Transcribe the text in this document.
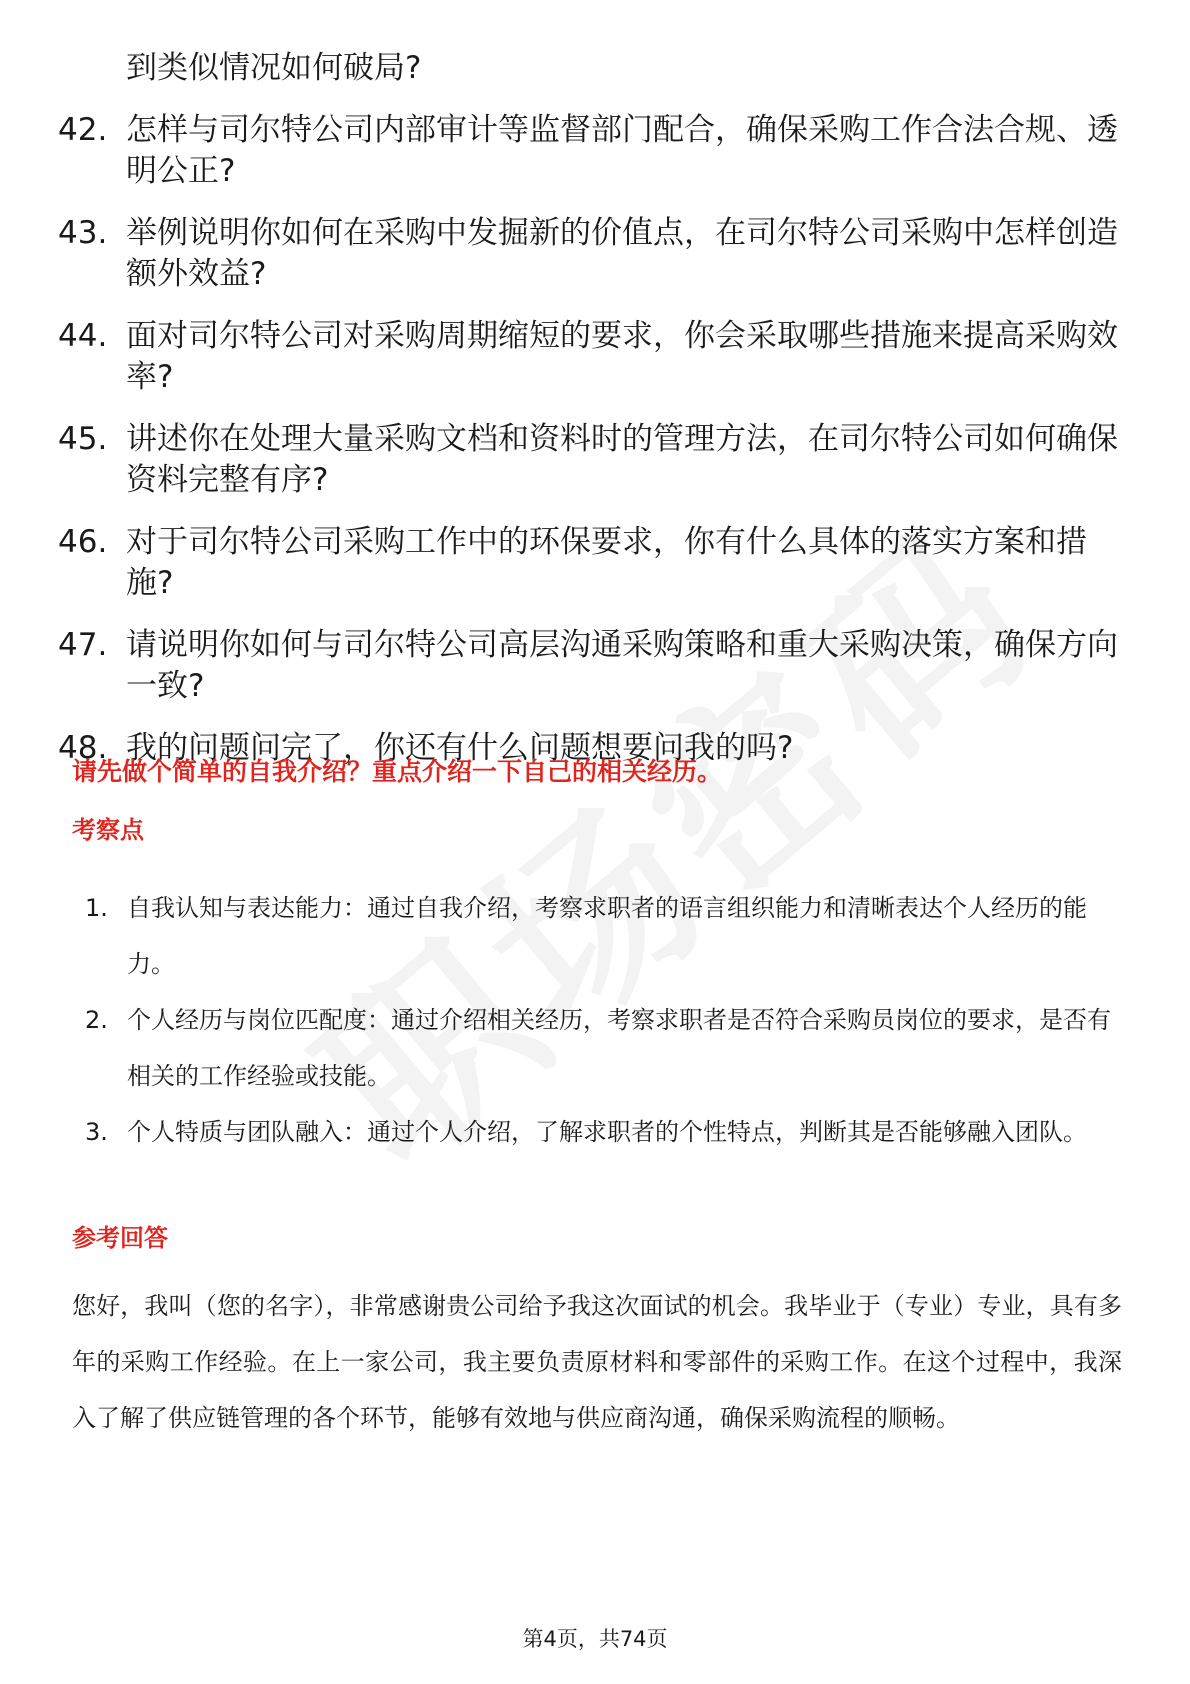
到类似情况如何破局?
42. 怎样与司尔特公司内部审计等监督部门配合，确保采购工作合法合规、透明公正?
43. 举例说明你如何在采购中发掘新的价值点，在司尔特公司采购中怎样创造额外效益?
44. 面对司尔特公司对采购周期缩短的要求，你会采取哪些措施来提高采购效率?
45. 讲述你在处理大量采购文档和资料时的管理方法，在司尔特公司如何确保资料完整有序?
46. 对于司尔特公司采购工作中的环保要求，你有什么具体的落实方案和措施?
47. 请说明你如何与司尔特公司高层沟通采购策略和重大采购决策，确保方向一致?
48. 我的问题问完了，你还有什么问题想要问我的吗?
请先做个简单的自我介绍？重点介绍一下自己的相关经历。
考察点
1. 自我认知与表达能力：通过自我介绍，考察求职者的语言组织能力和清晰表达个人经历的能力。
2. 个人经历与岗位匹配度：通过介绍相关经历，考察求职者是否符合采购员岗位的要求，是否有相关的工作经验或技能。
3. 个人特质与团队融入：通过个人介绍，了解求职者的个性特点，判断其是否能够融入团队。
参考回答
您好，我叫（您的名字），非常感谢贵公司给予我这次面试的机会。我毕业于（专业）专业，具有多年的采购工作经验。在上一家公司，我主要负责原材料和零部件的采购工作。在这个过程中，我深入了解了供应链管理的各个环节，能够有效地与供应商沟通，确保采购流程的顺畅。
第4页，共74页
